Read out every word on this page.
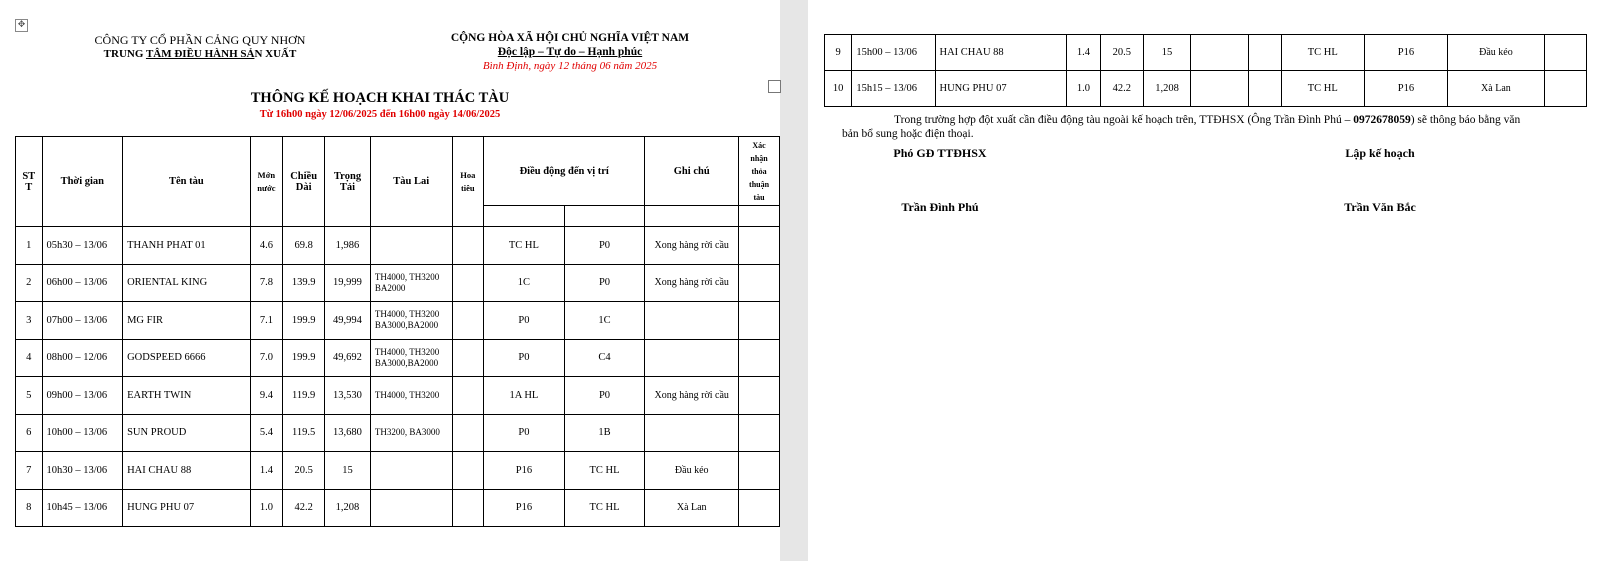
✥
CÔNG TY CỔ PHẦN CẢNG QUY NHƠN
TRUNG TÂM ĐIỀU HÀNH SẢN XUẤT
CỘNG HÒA XÃ HỘI CHỦ NGHĨA VIỆT NAM
Độc lập – Tự do – Hạnh phúc
Bình Định, ngày 12 tháng 06 năm 2025
THÔNG KẾ HOẠCH KHAI THÁC TÀU
Từ 16h00 ngày 12/06/2025 đến 16h00 ngày 14/06/2025
ST T	Thời gian	Tên tàu	Mớn nước	Chiều Dài	Trọng Tải	Tàu Lai	Hoa tiêu	Điều động đến vị trí		Ghi chú	Xác nhận thỏa thuận tàu

1	05h30 – 13/06	THANH PHAT 01	4.6	69.8	1,986			TC HL	P0	Xong hàng rời cầu	
2	06h00 – 13/06	ORIENTAL KING	7.8	139.9	19,999	TH4000, TH3200 BA2000		1C	P0	Xong hàng rời cầu	
3	07h00 – 13/06	MG FIR	7.1	199.9	49,994	TH4000, TH3200 BA3000,BA2000		P0	1C		
4	08h00 – 12/06	GODSPEED 6666	7.0	199.9	49,692	TH4000, TH3200 BA3000,BA2000		P0	C4		
5	09h00 – 13/06	EARTH TWIN	9.4	119.9	13,530	TH4000, TH3200		1A HL	P0	Xong hàng rời cầu	
6	10h00 – 13/06	SUN PROUD	5.4	119.5	13,680	TH3200, BA3000		P0	1B		
7	10h30 – 13/06	HAI CHAU 88	1.4	20.5	15			P16	TC HL	Đầu kéo	
8	10h45 – 13/06	HUNG PHU 07	1.0	42.2	1,208			P16	TC HL	Xà Lan	
9	15h00 – 13/06	HAI CHAU 88	1.4	20.5	15			TC HL	P16	Đầu kéo	
10	15h15 – 13/06	HUNG PHU 07	1.0	42.2	1,208			TC HL	P16	Xà Lan	
Trong trường hợp đột xuất cần điều động tàu ngoài kế hoạch trên, TTĐHSX (Ông Trần Đình Phú – 0972678059) sẽ thông báo bằng văn bản bổ sung hoặc điện thoại.
Phó GĐ TTĐHSX
Trần Đình Phú
Lập kế hoạch
Trần Văn Bắc
